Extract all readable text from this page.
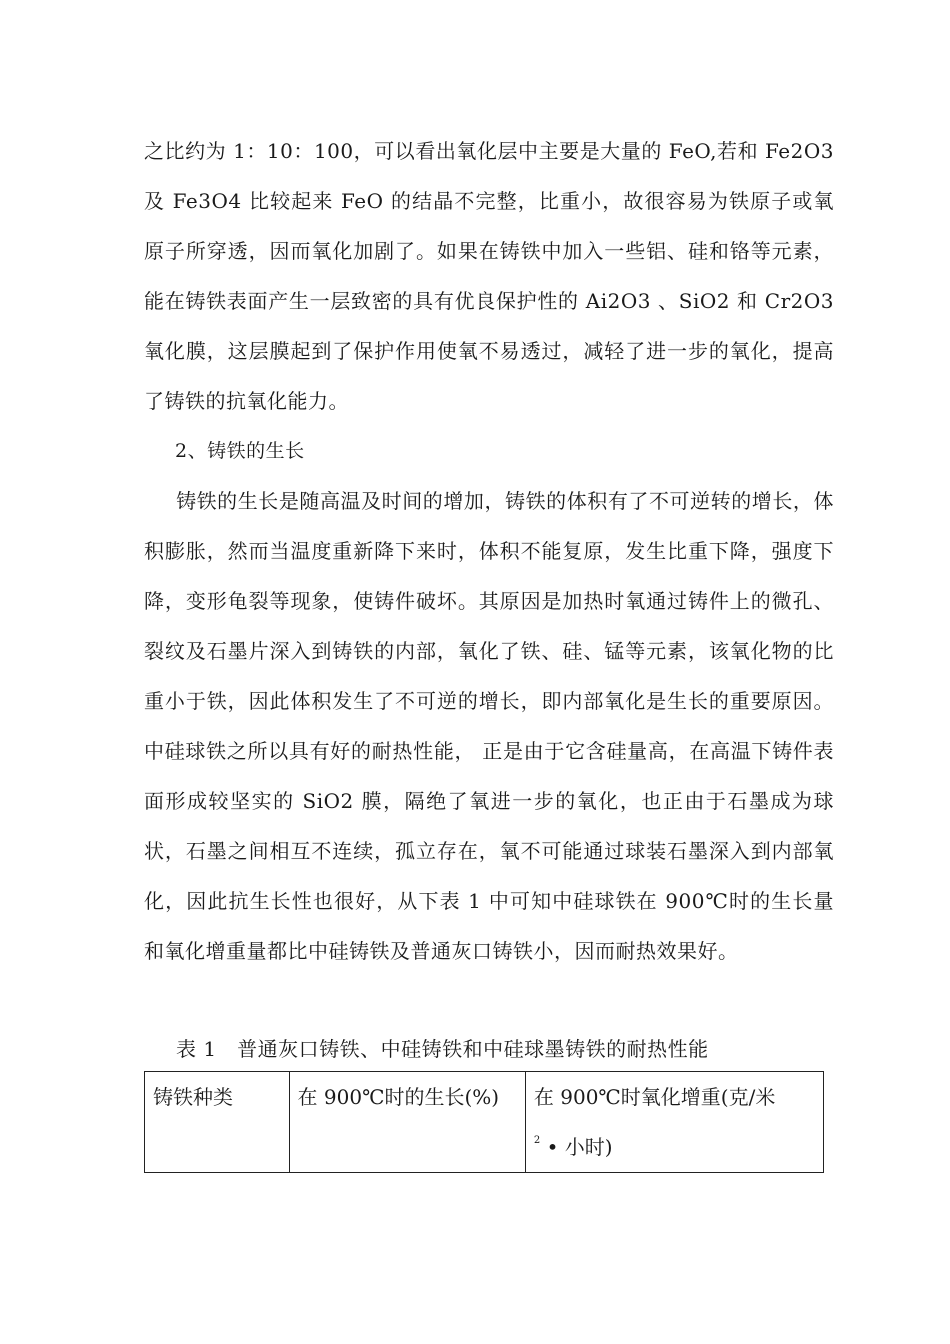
之比约为 1：10：100，可以看出氧化层中主要是大量的 FeO,若和 Fe2O3 及 Fe3O4 比较起来 FeO 的结晶不完整，比重小，故很容易为铁原子或氧原子所穿透，因而氧化加剧了。如果在铸铁中加入一些铝、硅和铬等元素，能在铸铁表面产生一层致密的具有优良保护性的 Ai2O3 、SiO2 和 Cr2O3 氧化膜，这层膜起到了保护作用使氧不易透过，减轻了进一步的氧化，提高了铸铁的抗氧化能力。

2、铸铁的生长

铸铁的生长是随高温及时间的增加，铸铁的体积有了不可逆转的增长，体积膨胀，然而当温度重新降下来时，体积不能复原，发生比重下降，强度下降，变形龟裂等现象，使铸件破坏。其原因是加热时氧通过铸件上的微孔、裂纹及石墨片深入到铸铁的内部，氧化了铁、硅、锰等元素，该氧化物的比重小于铁，因此体积发生了不可逆的增长，即内部氧化是生长的重要原因。中硅球铁之所以具有好的耐热性能， 正是由于它含硅量高，在高温下铸件表面形成较坚实的 SiO2 膜，隔绝了氧进一步的氧化，也正由于石墨成为球状，石墨之间相互不连续，孤立存在，氧不可能通过球装石墨深入到内部氧化，因此抗生长性也很好，从下表 1 中可知中硅球铁在 900℃时的生长量和氧化增重量都比中硅铸铁及普通灰口铸铁小，因而耐热效果好。

表 1　普通灰口铸铁、中硅铸铁和中硅球墨铸铁的耐热性能
铸铁种类	在 900℃时的生长(%)	在 900℃时氧化增重(克/米
$^2$ • 小时)
